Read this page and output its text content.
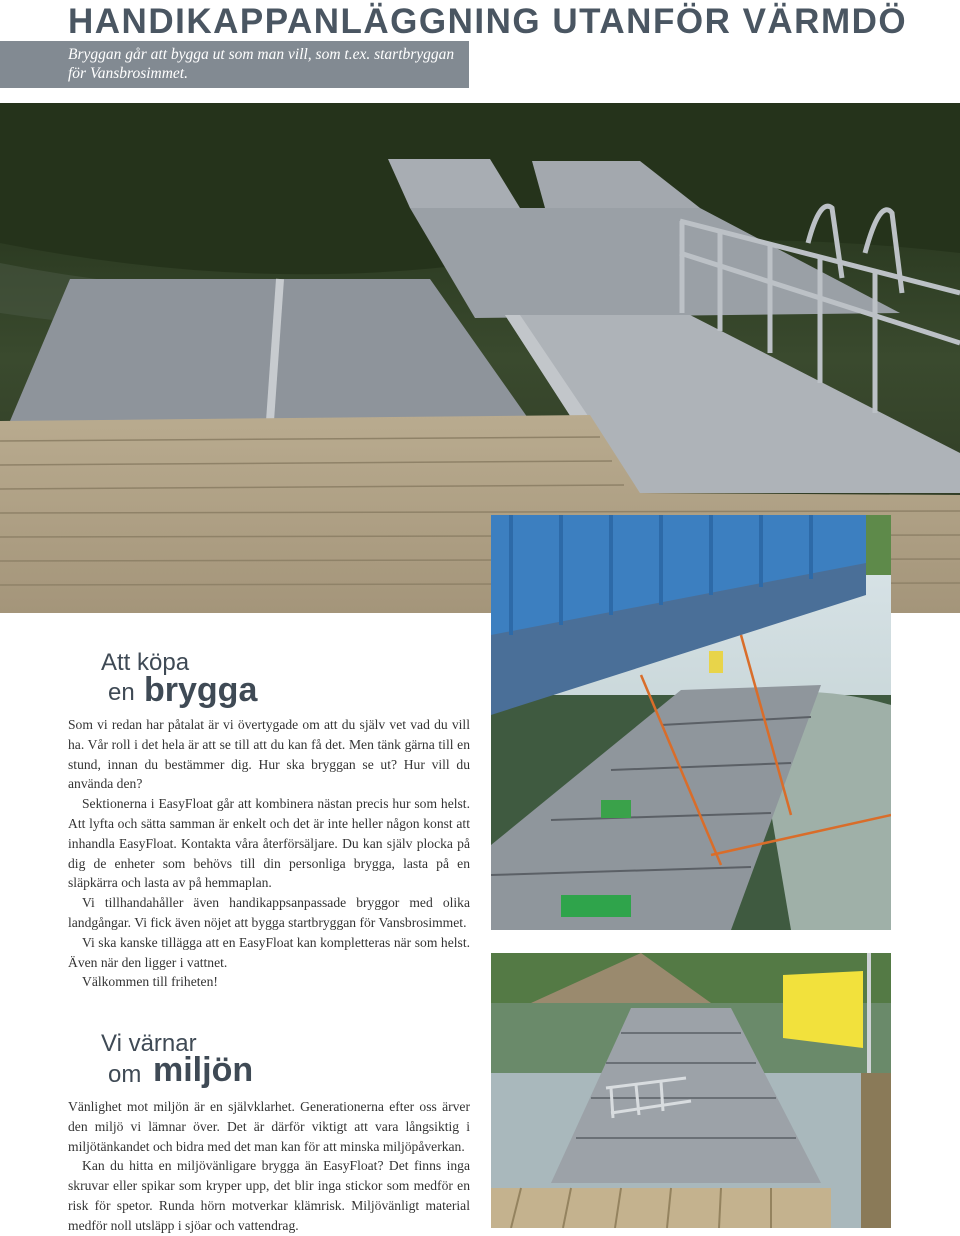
HANDIKAPPANLÄGGNING UTANFÖR VÄRMDÖ
Bryggan går att bygga ut som man vill, som t.ex. startbryggan för Vansbrosimmet.
Att köpa
en brygga

Som vi redan har påtalat är vi övertygade om att du själv vet vad du vill ha. Vår roll i det hela är att se till att du kan få det. Men tänk gärna till en stund, innan du bestämmer dig. Hur ska bryggan se ut? Hur vill du använda den?

Sektionerna i EasyFloat går att kombinera nästan precis hur som helst. Att lyfta och sätta samman är enkelt och det är inte heller någon konst att inhandla EasyFloat. Kontakta våra återförsäljare. Du kan själv plocka på dig de enheter som behövs till din personliga brygga, lasta på en släpkärra och lasta av på hemmaplan.

Vi tillhandahåller även handikappsanpassade bryggor med olika landgångar. Vi fick även nöjet att bygga startbryggan för Vansbrosimmet.

Vi ska kanske tillägga att en EasyFloat kan kompletteras när som helst. Även när den ligger i vattnet.

Välkommen till friheten!

Vi värnar
om miljön

Vänlighet mot miljön är en självklarhet. Generationerna efter oss ärver den miljö vi lämnar över. Det är därför viktigt att vara långsiktig i miljötänkandet och bidra med det man kan för att minska miljöpåverkan.

Kan du hitta en miljövänligare brygga än EasyFloat? Det finns inga skruvar eller spikar som kryper upp, det blir inga stickor som medför en risk för spetor. Runda hörn motverkar klämrisk. Miljövänligt material medför noll utsläpp i sjöar och vattendrag.
